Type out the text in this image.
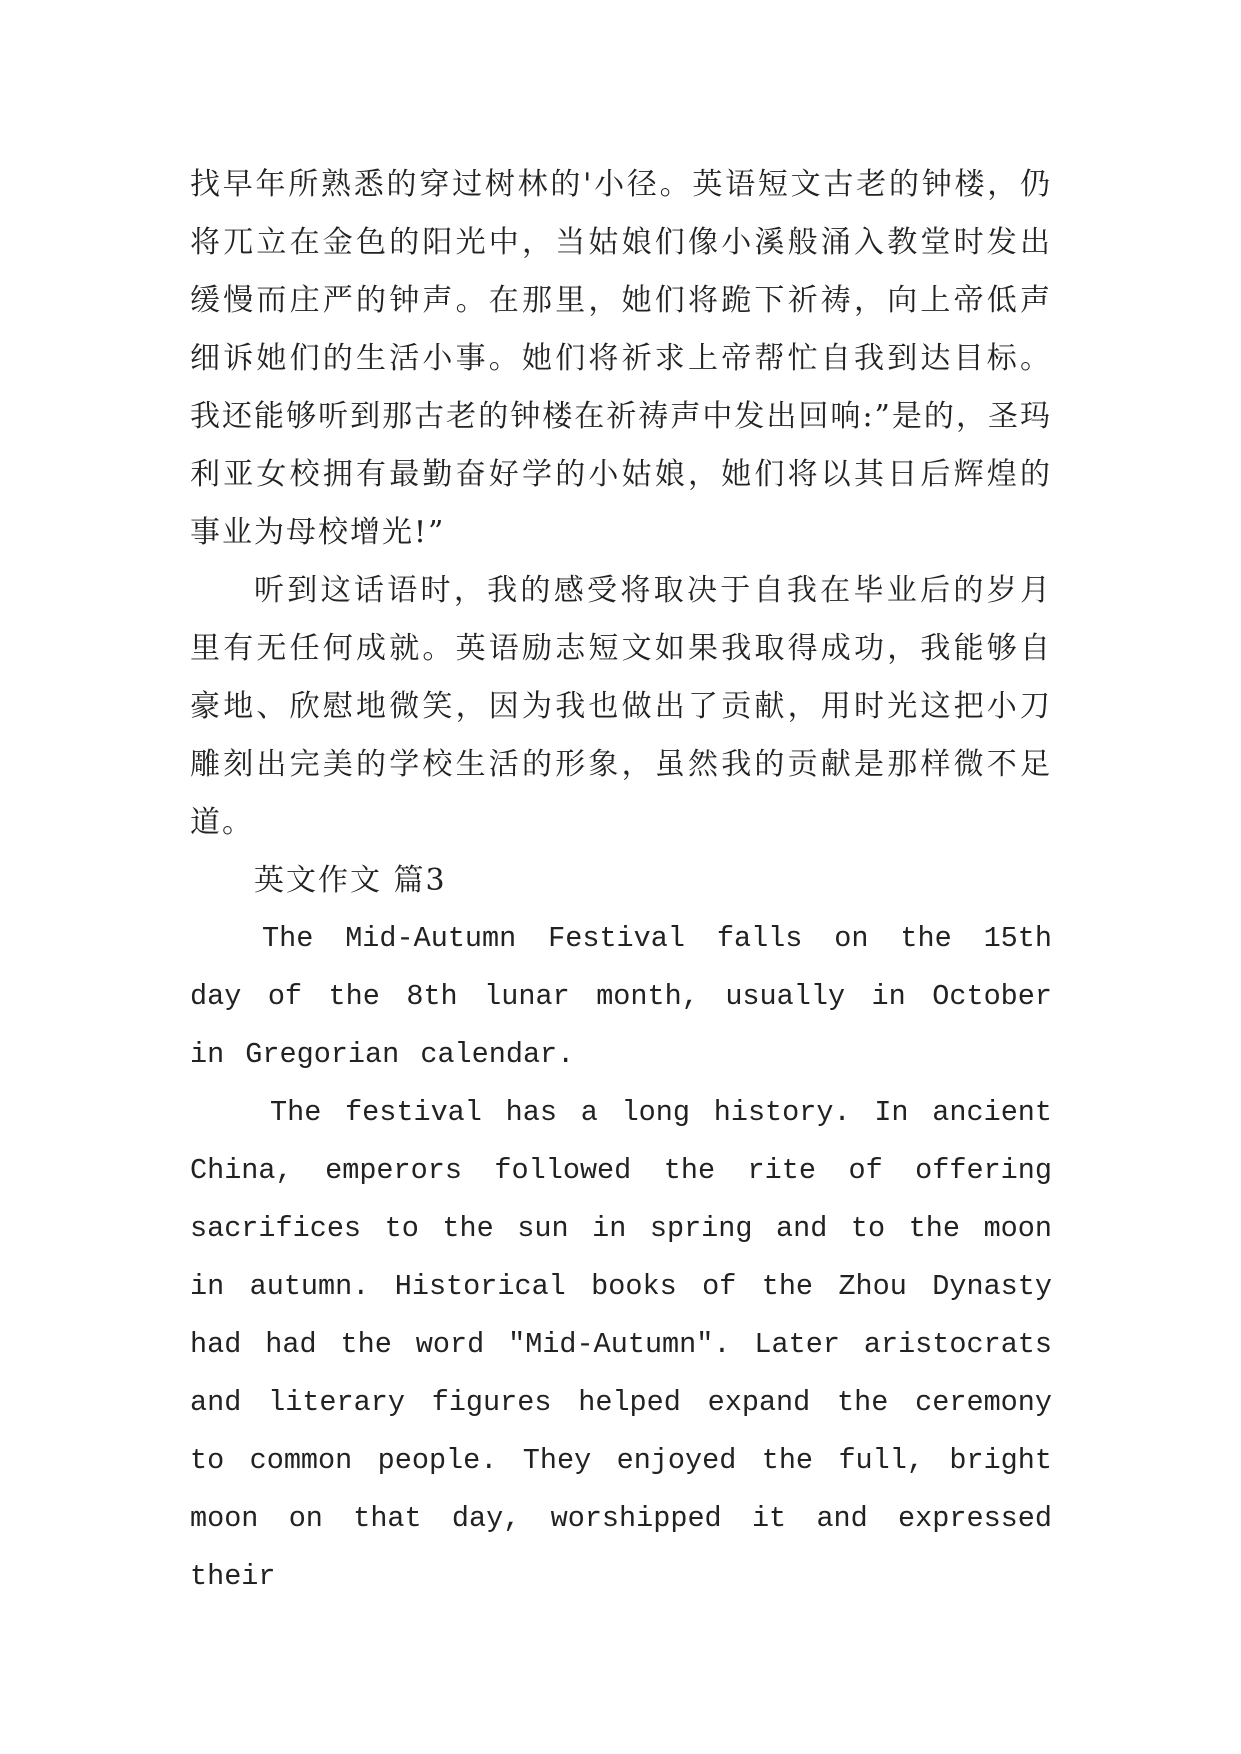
找早年所熟悉的穿过树林的'小径。英语短文古老的钟楼，仍将兀立在金色的阳光中，当姑娘们像小溪般涌入教堂时发出缓慢而庄严的钟声。在那里，她们将跪下祈祷，向上帝低声细诉她们的生活小事。她们将祈求上帝帮忙自我到达目标。我还能够听到那古老的钟楼在祈祷声中发出回响:”是的，圣玛利亚女校拥有最勤奋好学的小姑娘，她们将以其日后辉煌的事业为母校增光!”

听到这话语时，我的感受将取决于自我在毕业后的岁月里有无任何成就。英语励志短文如果我取得成功，我能够自豪地、欣慰地微笑，因为我也做出了贡献，用时光这把小刀雕刻出完美的学校生活的形象，虽然我的贡献是那样微不足道。

英文作文 篇3

The Mid-Autumn Festival falls on the 15th day of the 8th lunar month, usually in October in Gregorian calendar.

The festival has a long history. In ancient China, emperors followed the rite of offering sacrifices to the sun in spring and to the moon in autumn. Historical books of the Zhou Dynasty had had the word "Mid-Autumn". Later aristocrats and literary figures helped expand the ceremony to common people. They enjoyed the full, bright moon on that day, worshipped it and expressed their
